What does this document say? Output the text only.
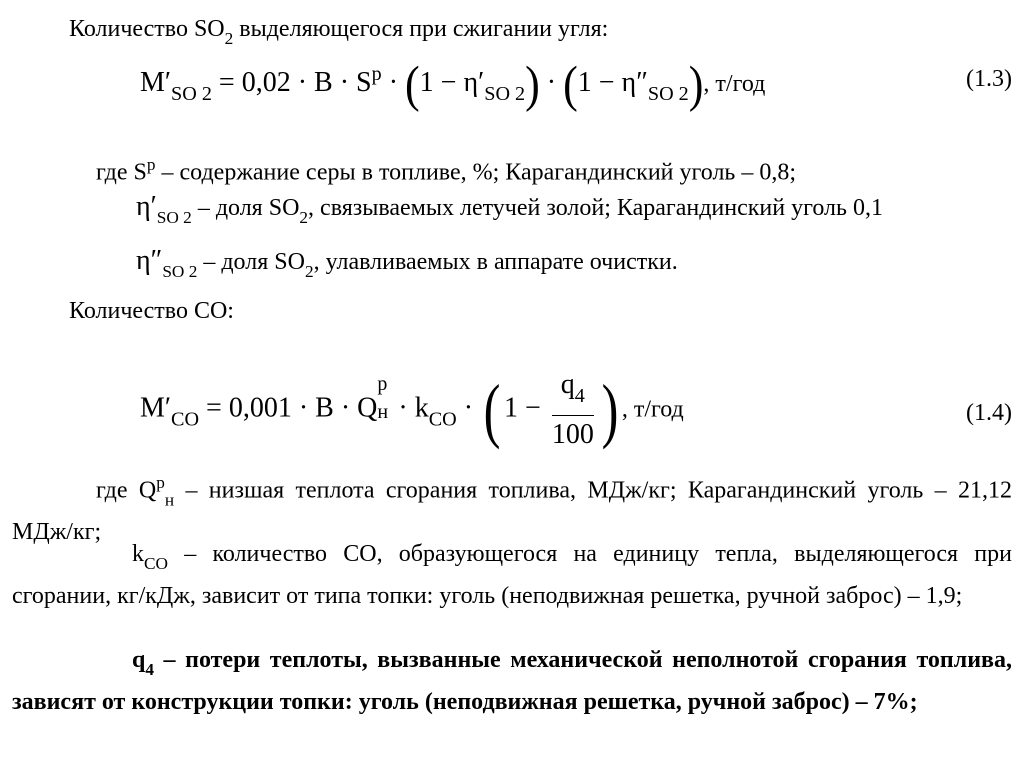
Количество $SO_2$ выделяющегося при сжигании угля:
$M'_{SO 2} = 0,02 \cdot B \cdot S^p \cdot (1 - \eta'_{SO 2}) \cdot (1 - \eta''_{SO 2})$, т/год	(1.3)
где $S^p$ – содержание серы в топливе, %; Карагандинский уголь – 0,8;
$\eta'_{SO 2}$ – доля $SO_2$, связываемых летучей золой; Карагандинский уголь 0,1
$\eta''_{SO 2}$ – доля $SO_2$, улавливаемых в аппарате очистки.
Количество CO:
$M'_{CO} = 0,001 \cdot B \cdot Q$
p
$н \cdot k_{CO}$ · ( $1 - \frac{q_4}{100}$ ) , т/год	(1.4)
где $Q^р_н$ – низшая теплота сгорания топлива, МДж/кг; Карагандинский уголь – 21,12 МДж/кг;
$k_{CO}$ – количество CO, образующегося на единицу тепла, выделяющегося при сгорании, кг/кДж, зависит от типа топки: уголь (неподвижная решетка, ручной заброс) – 1,9;
$q_4$ – потери теплоты, вызванные механической неполнотой сгорания топлива, зависят от конструкции топки: уголь (неподвижная решетка, ручной заброс) – 7%;
